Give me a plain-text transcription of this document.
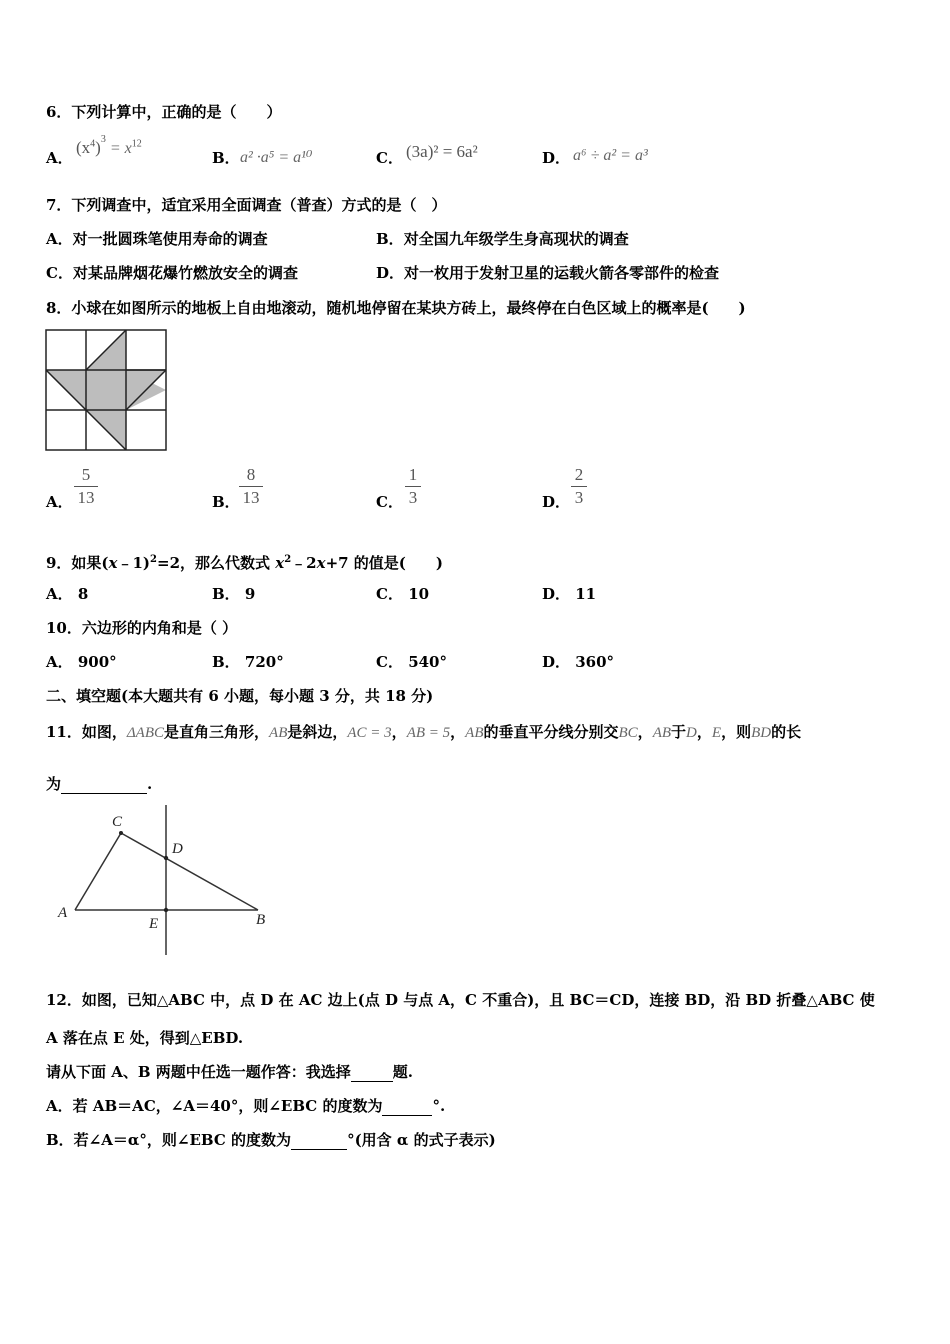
6．下列计算中，正确的是（　　）
A．
$(x^4)^3 = x^{12}$
B． a² ·a⁵ = a¹⁰	C． (3a)² = 6a²	D． a⁶ ÷ a² = a³
7．下列调查中，适宜采用全面调查（普查）方式的是（　）
A．对一批圆珠笔使用寿命的调查	B．对全国九年级学生身高现状的调查
C．对某品牌烟花爆竹燃放安全的调查	D．对一枚用于发射卫星的运载火箭各零部件的检查
8．小球在如图所示的地板上自由地滚动，随机地停留在某块方砖上，最终停在白色区域上的概率是(　　)
A．
5
13	B．
8
13	C．
1
3	D．
2
3
9．如果(x﹣1)$^2$=2，那么代数式 $x^2﹣2x+7$ 的值是(　　)
A． 8	B． 9	C． 10	D． 11
10．六边形的内角和是（ ）
A． 900°	B． 720°	C． 540°	D． 360°
二、填空题(本大题共有 6 小题，每小题 3 分，共 18 分)
11．如图，ΔABC是直角三角形，AB是斜边，AC = 3，AB = 5，AB的垂直平分线分别交BC，AB于D，E，则BD的长
为	.
C
D
A
E	B
12．如图，已知△ABC 中，点 D 在 AC 边上(点 D 与点 A，C 不重合)，且 BC＝CD，连接 BD，沿 BD 折叠△ABC 使
A 落在点 E 处，得到△EBD.
请从下面 A、B 两题中任选一题作答：我选择	题.
A．若 AB＝AC，∠A＝40°，则∠EBC 的度数为	°.
B．若∠A＝α°，则∠EBC 的度数为	°(用含 α 的式子表示)
